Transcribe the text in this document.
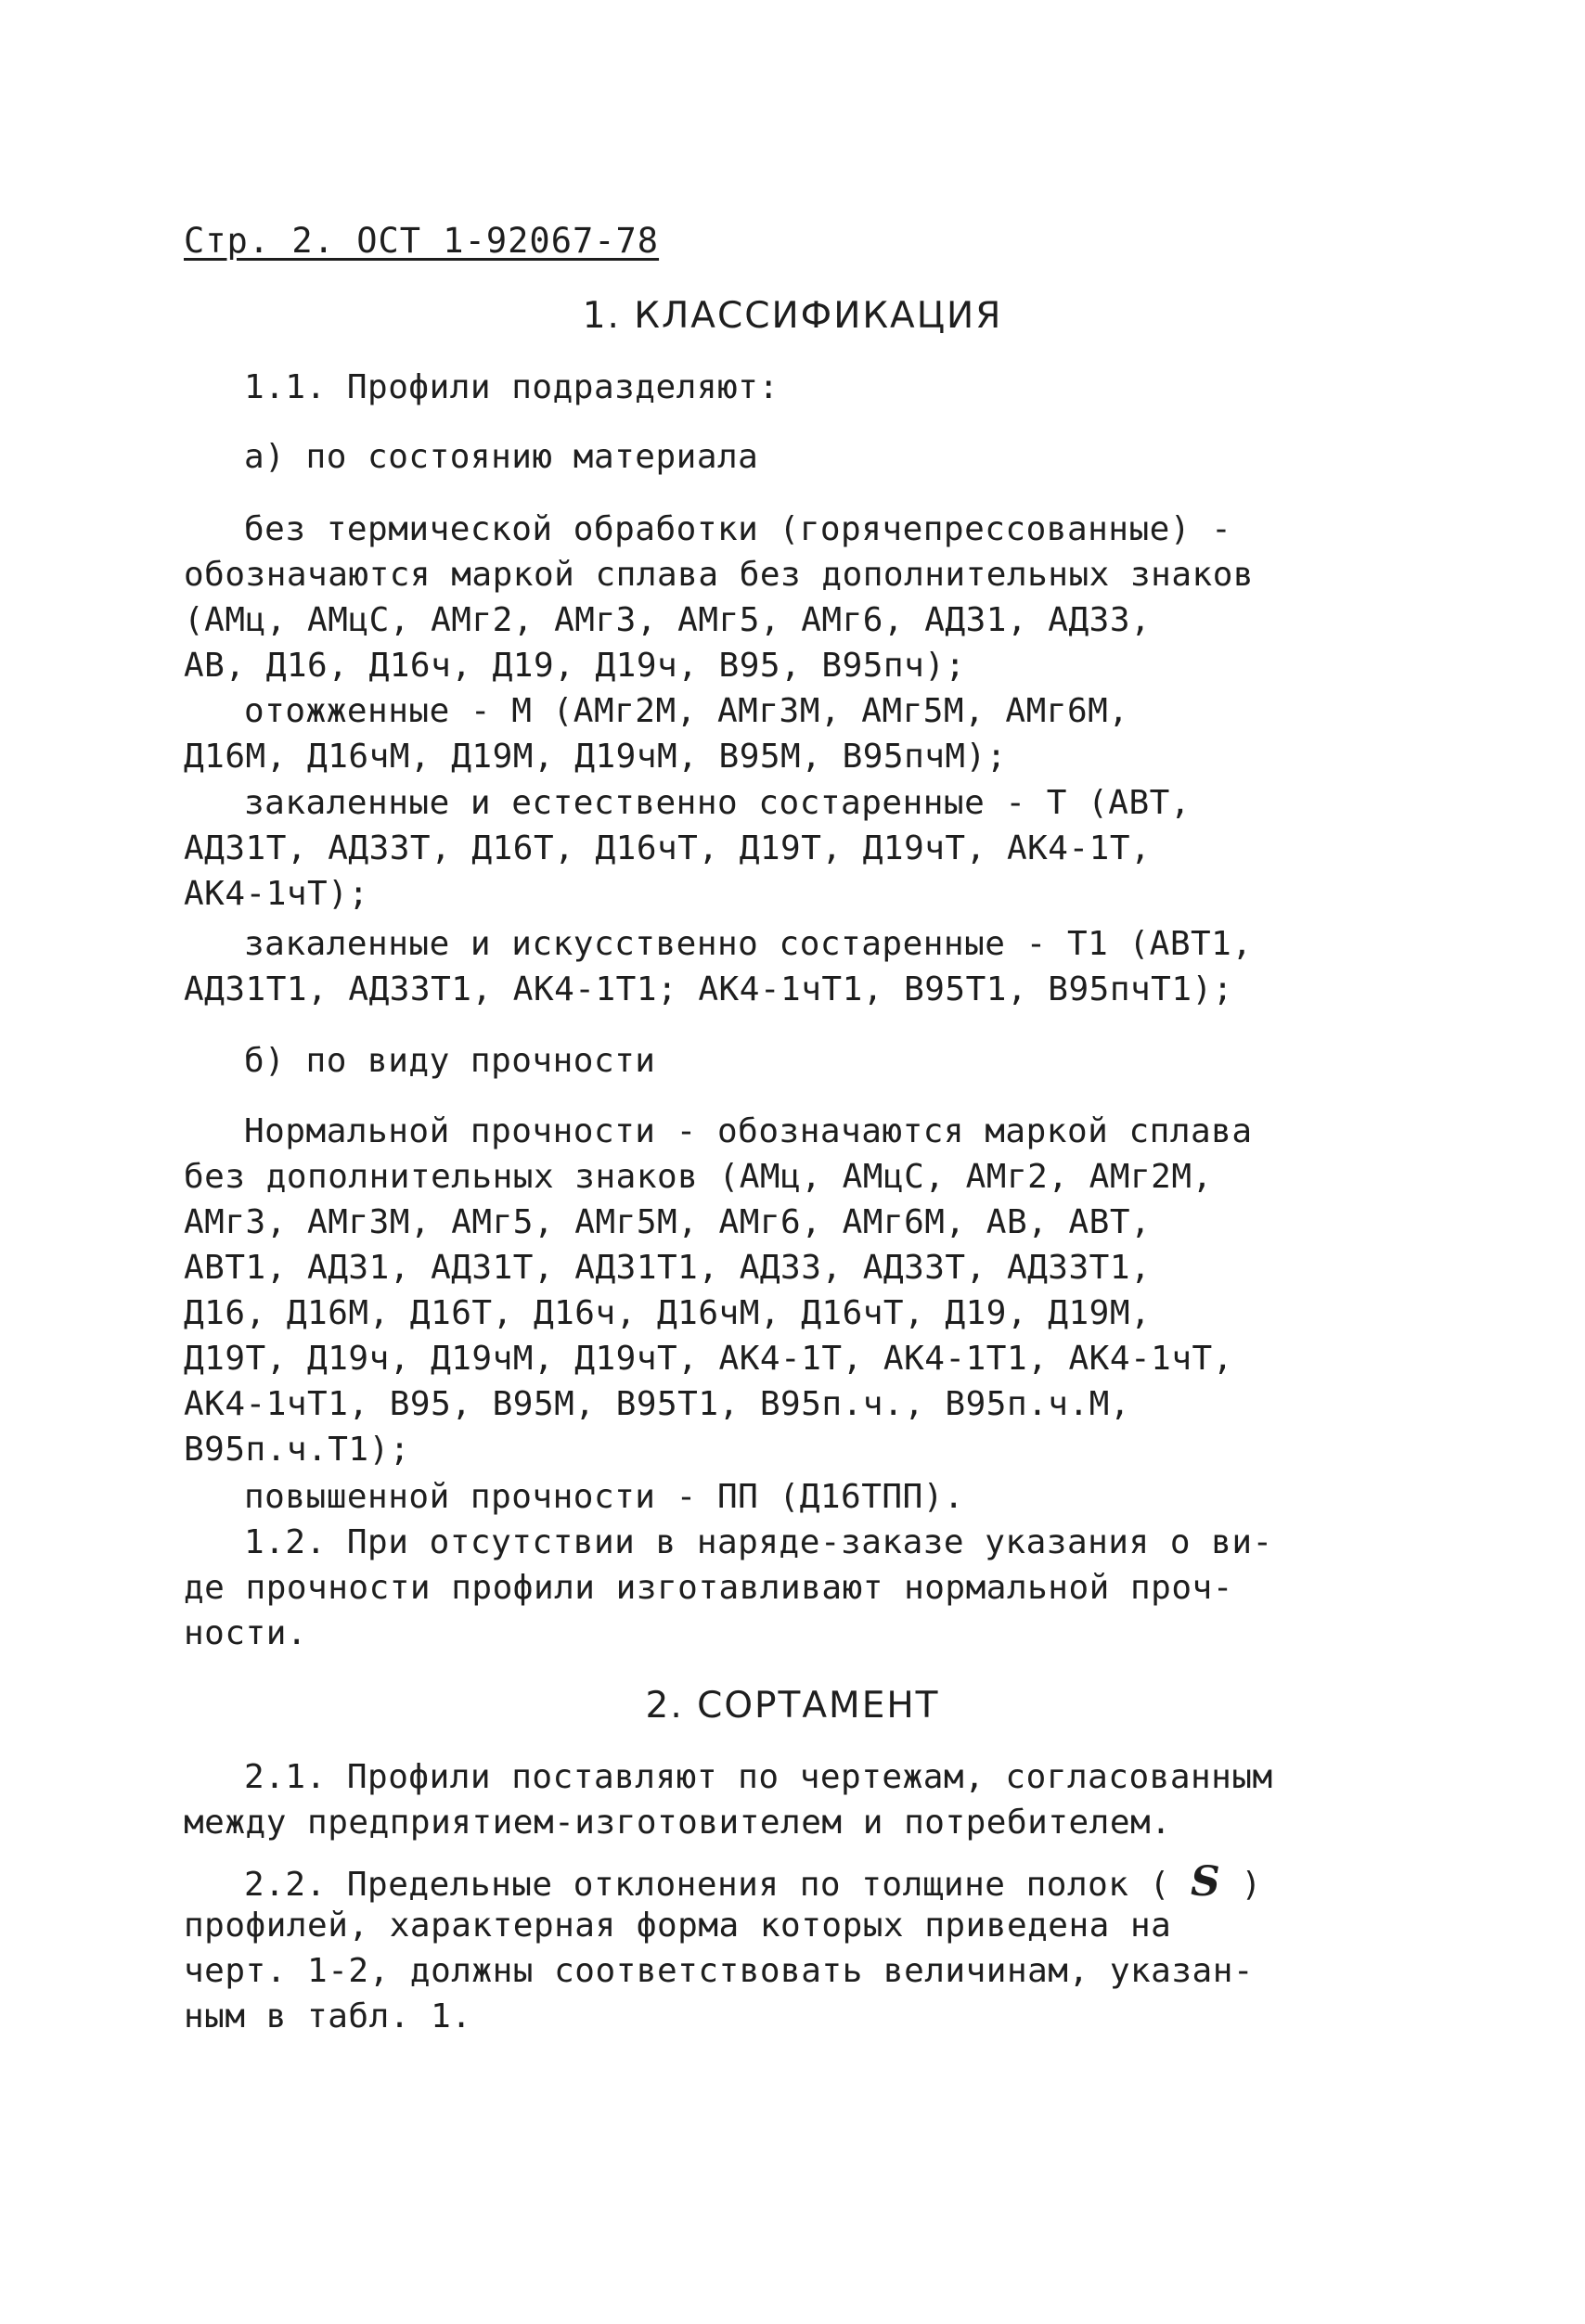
Стр. 2. ОСТ 1-92067-78
1. КЛАССИФИКАЦИЯ
1.1. Профили подразделяют:
а) по состоянию материала
без термической обработки (горячепрессованные) -
обозначаются маркой сплава без дополнительных знаков
(АМц, АМцС, АМг2, АМг3, АМг5, АМг6, АД31, АД33,
АВ, Д16, Д16ч, Д19, Д19ч, В95, В95пч);
отожженные - М (АМг2М, АМг3М, АМг5М, АМг6М,
Д16М, Д16чМ, Д19М, Д19чМ, В95М, В95пчМ);
закаленные и естественно состаренные - Т (АВТ,
АД31Т, АД33Т, Д16Т, Д16чТ, Д19Т, Д19чТ, АК4-1Т,
АК4-1чТ);
закаленные и искусственно состаренные - Т1 (АВТ1,
АД31Т1, АД33Т1, АК4-1Т1; АК4-1чТ1, В95Т1, В95пчТ1);
б) по виду прочности
Нормальной прочности - обозначаются маркой сплава
без дополнительных знаков (АМц, АМцС, АМг2, АМг2М,
АМг3, АМг3М, АМг5, АМг5М, АМг6, АМг6М, АВ, АВТ,
АВТ1, АД31, АД31Т, АД31Т1, АД33, АД33Т, АД33Т1,
Д16, Д16М, Д16Т, Д16ч, Д16чМ, Д16чТ, Д19, Д19М,
Д19Т, Д19ч, Д19чМ, Д19чТ, АК4-1Т, АК4-1Т1, АК4-1чТ,
АК4-1чТ1, В95, В95М, В95Т1, В95п.ч., В95п.ч.М,
В95п.ч.Т1);
повышенной прочности - ПП (Д16ТПП).
1.2. При отсутствии в наряде-заказе указания о ви-
де прочности профили изготавливают нормальной проч-
ности.
2. СОРТАМЕНТ
2.1. Профили поставляют по чертежам, согласованным
между предприятием-изготовителем и потребителем.
2.2. Предельные отклонения по толщине полок ( S )
профилей, характерная форма которых приведена на
черт. 1-2, должны соответствовать величинам, указан-
ным в табл. 1.
